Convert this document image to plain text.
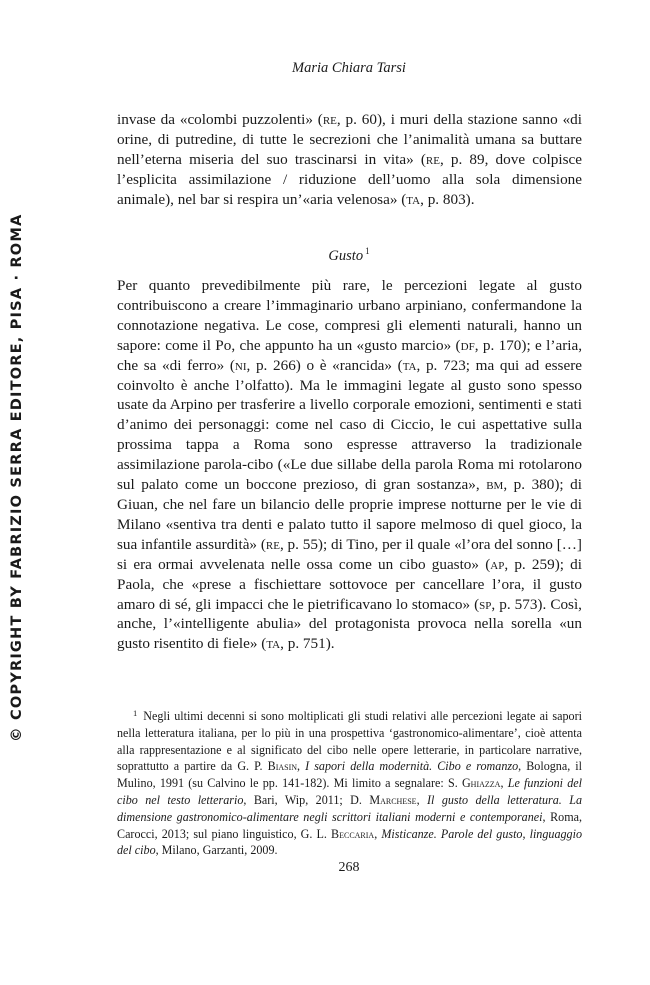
© COPYRIGHT BY FABRIZIO SERRA EDITORE, PISA · ROMA
Maria Chiara Tarsi

invase da «colombi puzzolenti» (re, p. 60), i muri della stazione sanno «di orine, di putredine, di tutte le secrezioni che l’animalità umana sa buttare nell’eterna miseria del suo trascinarsi in vita» (re, p. 89, dove colpisce l’esplicita assimilazione / riduzione dell’uomo alla sola dimensione animale), nel bar si respira un’«aria velenosa» (ta, p. 803).

Gusto $^1$

Per quanto prevedibilmente più rare, le percezioni legate al gusto contribuiscono a creare l’immaginario urbano arpiniano, confermandone la connotazione negativa. Le cose, compresi gli elementi naturali, hanno un sapore: come il Po, che appunto ha un «gusto marcio» (df, p. 170); e l’aria, che sa «di ferro» (ni, p. 266) o è «rancida» (ta, p. 723; ma qui ad essere coinvolto è anche l’olfatto). Ma le immagini legate al gusto sono spesso usate da Arpino per trasferire a livello corporale emozioni, sentimenti e stati d’animo dei personaggi: come nel caso di Ciccio, le cui aspettative sulla prossima tappa a Roma sono espresse attraverso la tradizionale assimilazione parola-cibo («Le due sillabe della parola Roma mi rotolarono sul palato come un boccone prezioso, di gran sostanza», bm, p. 380); di Giuan, che nel fare un bilancio delle proprie imprese notturne per le vie di Milano «sentiva tra denti e palato tutto il sapore melmoso di quel gioco, la sua infantile assurdità» (re, p. 55); di Tino, per il quale «l’ora del sonno […] si era ormai avvelenata nelle ossa come un cibo guasto» (ap, p. 259); di Paola, che «prese a fischiettare sottovoce per cancellare l’ora, il gusto amaro di sé, gli impacci che le pietrificavano lo stomaco» (sp, p. 573). Così, anche, l’«intelligente abulia» del protagonista provoca nella sorella «un gusto risentito di fiele» (ta, p. 751).

$^1$ Negli ultimi decenni si sono moltiplicati gli studi relativi alle percezioni legate ai sapori nella letteratura italiana, per lo più in una prospettiva ‘gastronomico-alimentare’, cioè attenta alla rappresentazione e al significato del cibo nelle opere letterarie, in particolare narrative, soprattutto a partire da G. P. Biasin, I sapori della modernità. Cibo e romanzo, Bologna, il Mulino, 1991 (su Calvino le pp. 141-182). Mi limito a segnalare: S. Ghiazza, Le funzioni del cibo nel testo letterario, Bari, Wip, 2011; D. Marchese, Il gusto della letteratura. La dimensione gastronomico-alimentare negli scrittori italiani moderni e contemporanei, Roma, Carocci, 2013; sul piano linguistico, G. L. Beccaria, Misticanze. Parole del gusto, linguaggio del cibo, Milano, Garzanti, 2009.

268
